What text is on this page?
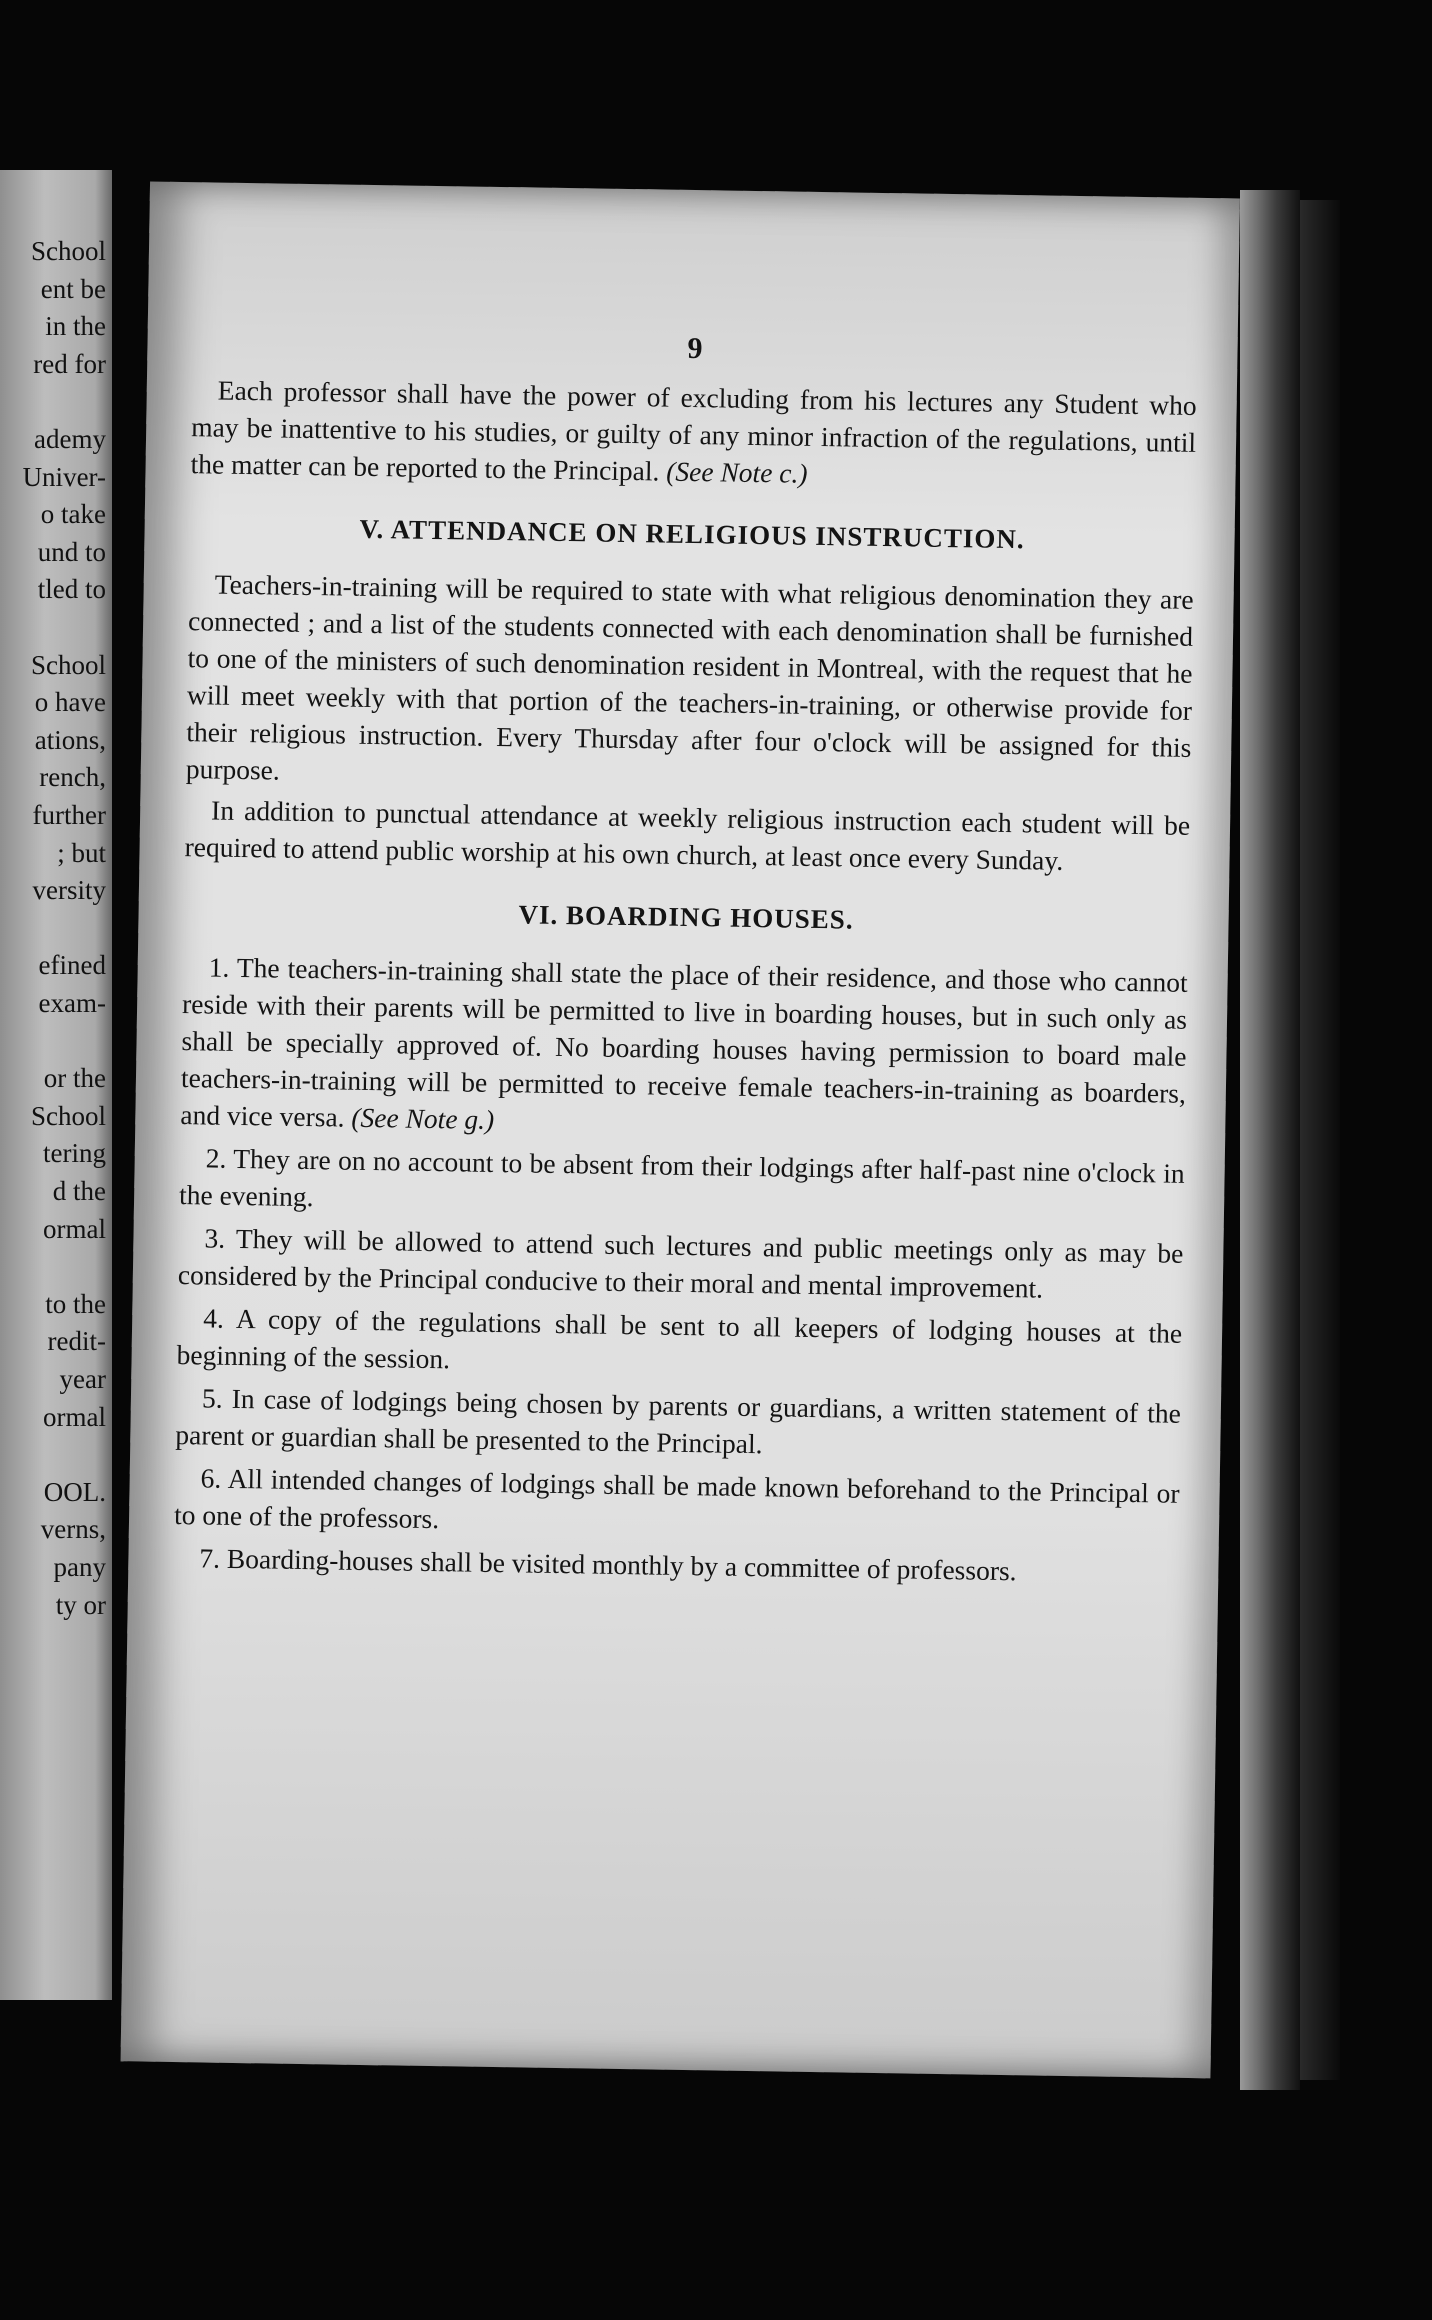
School
ent be
in the
red for
ademy
Univer-
o take
und to
tled to
School
o have
ations,
rench,
further
; but
versity
efined
exam-
or the
School
tering
d the
ormal
to the
redit-
year
ormal
OOL.
verns,
pany
ty or
9

Each professor shall have the power of excluding from his lectures any Student who may be inattentive to his studies, or guilty of any minor infraction of the regulations, until the matter can be reported to the Principal. (See Note c.)

V. ATTENDANCE ON RELIGIOUS INSTRUCTION.

Teachers-in-training will be required to state with what religious denomination they are connected ; and a list of the students connected with each denomination shall be furnished to one of the ministers of such denomination resident in Montreal, with the request that he will meet weekly with that portion of the teachers-in-training, or otherwise provide for their religious instruction. Every Thursday after four o'clock will be assigned for this purpose.

In addition to punctual attendance at weekly religious instruction each student will be required to attend public worship at his own church, at least once every Sunday.

VI. BOARDING HOUSES.

1. The teachers-in-training shall state the place of their residence, and those who cannot reside with their parents will be permitted to live in boarding houses, but in such only as shall be specially approved of. No boarding houses having permission to board male teachers-in-training will be permitted to receive female teachers-in-training as boarders, and vice versa. (See Note g.)

2. They are on no account to be absent from their lodgings after half-past nine o'clock in the evening.

3. They will be allowed to attend such lectures and public meetings only as may be considered by the Principal conducive to their moral and mental improvement.

4. A copy of the regulations shall be sent to all keepers of lodging houses at the beginning of the session.

5. In case of lodgings being chosen by parents or guardians, a written statement of the parent or guardian shall be presented to the Principal.

6. All intended changes of lodgings shall be made known beforehand to the Principal or to one of the professors.

7. Boarding-houses shall be visited monthly by a committee of professors.
